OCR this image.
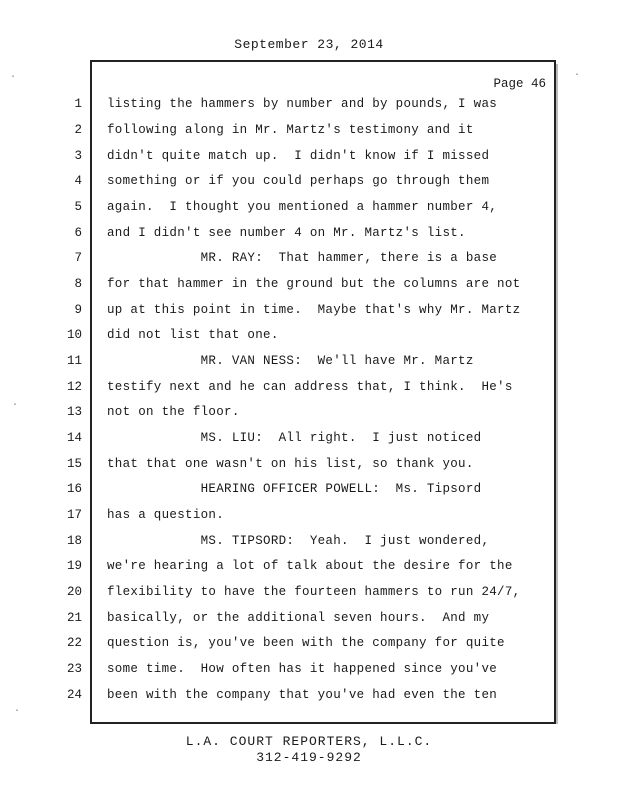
September 23, 2014
Page 46
1 listing the hammers by number and by pounds, I was
2 following along in Mr. Martz's testimony and it
3 didn't quite match up.  I didn't know if I missed
4 something or if you could perhaps go through them
5 again.  I thought you mentioned a hammer number 4,
6 and I didn't see number 4 on Mr. Martz's list.
7 MR. RAY:  That hammer, there is a base
8 for that hammer in the ground but the columns are not
9 up at this point in time.  Maybe that's why Mr. Martz
10 did not list that one.
11 MR. VAN NESS:  We'll have Mr. Martz
12 testify next and he can address that, I think.  He's
13 not on the floor.
14 MS. LIU:  All right.  I just noticed
15 that that one wasn't on his list, so thank you.
16 HEARING OFFICER POWELL:  Ms. Tipsord
17 has a question.
18 MS. TIPSORD:  Yeah.  I just wondered,
19 we're hearing a lot of talk about the desire for the
20 flexibility to have the fourteen hammers to run 24/7,
21 basically, or the additional seven hours.  And my
22 question is, you've been with the company for quite
23 some time.  How often has it happened since you've
24 been with the company that you've had even the ten
L.A. COURT REPORTERS, L.L.C.
312-419-9292
·
·
·
·
